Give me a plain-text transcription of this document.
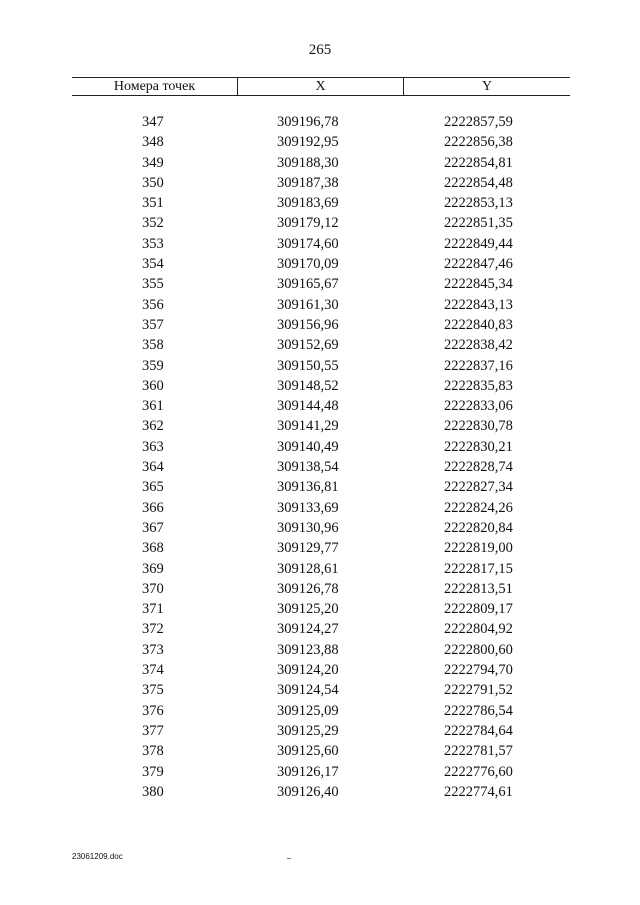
265
Номера точек	X	Y
347	309196,78	2222857,59
348	309192,95	2222856,38
349	309188,30	2222854,81
350	309187,38	2222854,48
351	309183,69	2222853,13
352	309179,12	2222851,35
353	309174,60	2222849,44
354	309170,09	2222847,46
355	309165,67	2222845,34
356	309161,30	2222843,13
357	309156,96	2222840,83
358	309152,69	2222838,42
359	309150,55	2222837,16
360	309148,52	2222835,83
361	309144,48	2222833,06
362	309141,29	2222830,78
363	309140,49	2222830,21
364	309138,54	2222828,74
365	309136,81	2222827,34
366	309133,69	2222824,26
367	309130,96	2222820,84
368	309129,77	2222819,00
369	309128,61	2222817,15
370	309126,78	2222813,51
371	309125,20	2222809,17
372	309124,27	2222804,92
373	309123,88	2222800,60
374	309124,20	2222794,70
375	309124,54	2222791,52
376	309125,09	2222786,54
377	309125,29	2222784,64
378	309125,60	2222781,57
379	309126,17	2222776,60
380	309126,40	2222774,61
23061209.doc
